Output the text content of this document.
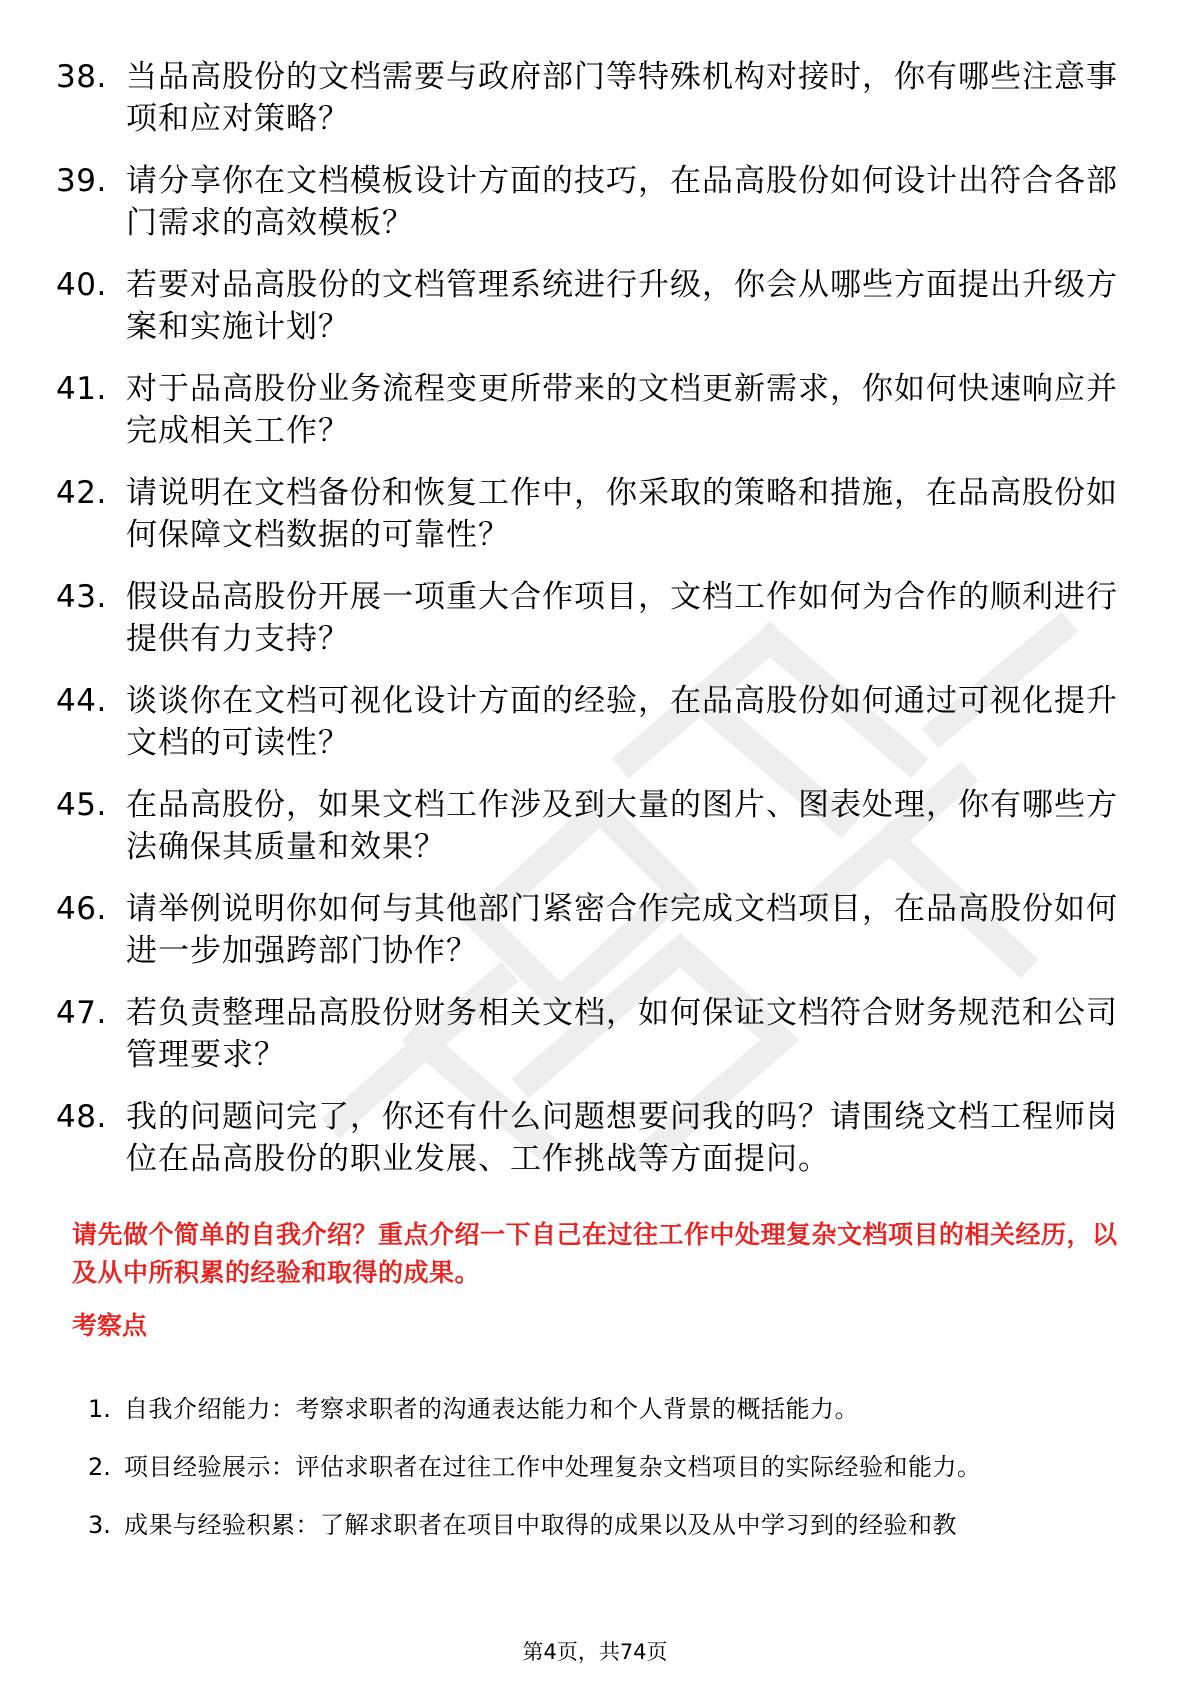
38. 当品高股份的文档需要与政府部门等特殊机构对接时，你有哪些注意事项和应对策略？
39. 请分享你在文档模板设计方面的技巧，在品高股份如何设计出符合各部门需求的高效模板？
40. 若要对品高股份的文档管理系统进行升级，你会从哪些方面提出升级方案和实施计划？
41. 对于品高股份业务流程变更所带来的文档更新需求，你如何快速响应并完成相关工作？
42. 请说明在文档备份和恢复工作中，你采取的策略和措施，在品高股份如何保障文档数据的可靠性？
43. 假设品高股份开展一项重大合作项目，文档工作如何为合作的顺利进行提供有力支持？
44. 谈谈你在文档可视化设计方面的经验，在品高股份如何通过可视化提升文档的可读性？
45. 在品高股份，如果文档工作涉及到大量的图片、图表处理，你有哪些方法确保其质量和效果？
46. 请举例说明你如何与其他部门紧密合作完成文档项目，在品高股份如何进一步加强跨部门协作？
47. 若负责整理品高股份财务相关文档，如何保证文档符合财务规范和公司管理要求？
48. 我的问题问完了，你还有什么问题想要问我的吗？请围绕文档工程师岗位在品高股份的职业发展、工作挑战等方面提问。
请先做个简单的自我介绍？重点介绍一下自己在过往工作中处理复杂文档项目的相关经历，以及从中所积累的经验和取得的成果。
考察点
1. 自我介绍能力：考察求职者的沟通表达能力和个人背景的概括能力。
2. 项目经验展示：评估求职者在过往工作中处理复杂文档项目的实际经验和能力。
3. 成果与经验积累：了解求职者在项目中取得的成果以及从中学习到的经验和教
第4页，共74页
